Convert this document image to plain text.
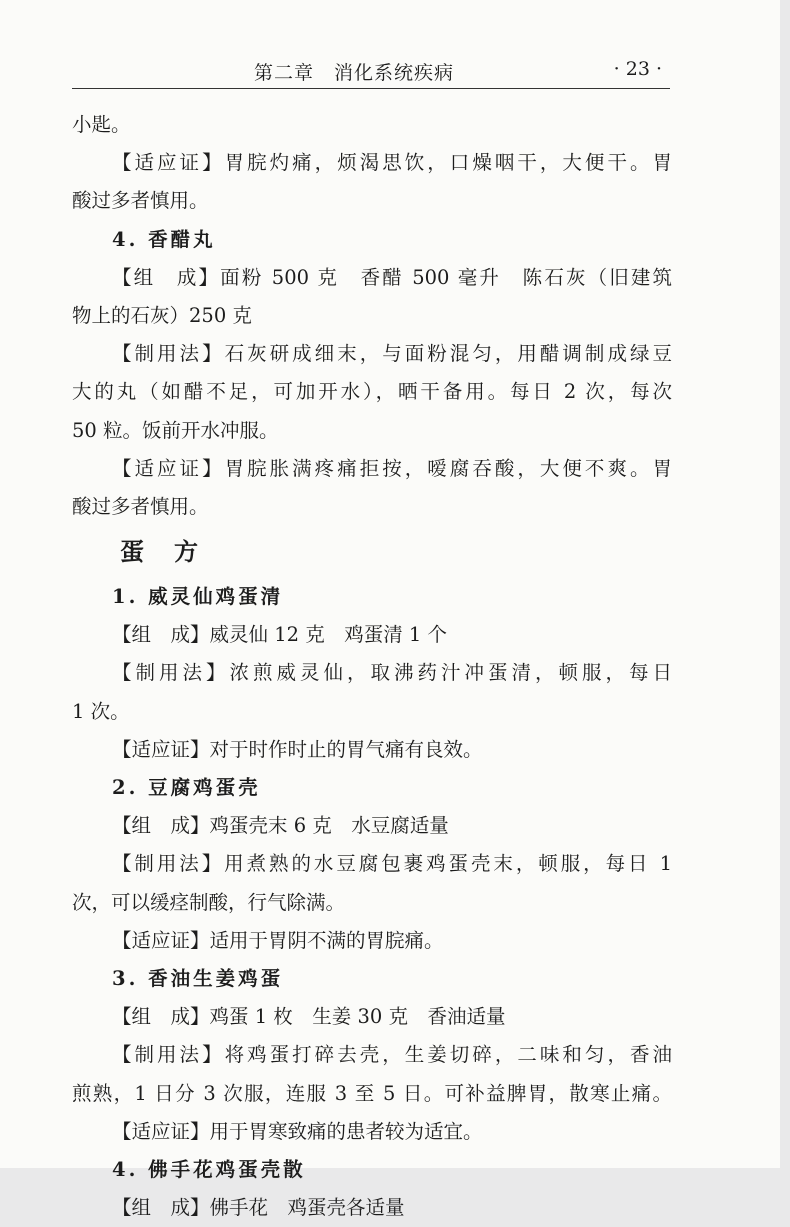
第二章　消化系统疾病	· 23 ·
小匙。
【适应证】胃脘灼痛，烦渴思饮，口燥咽干，大便干。胃
酸过多者慎用。
4. 香醋丸
【组　成】面粉 500 克　香醋 500 毫升　陈石灰（旧建筑
物上的石灰）250 克
【制用法】石灰研成细末，与面粉混匀，用醋调制成绿豆
大的丸（如醋不足，可加开水），晒干备用。每日 2 次，每次
50 粒。饭前开水冲服。
【适应证】胃脘胀满疼痛拒按，嗳腐吞酸，大便不爽。胃
酸过多者慎用。
蛋方
1. 威灵仙鸡蛋清
【组　成】威灵仙 12 克　鸡蛋清 1 个
【制用法】浓煎威灵仙，取沸药汁冲蛋清，顿服，每日
1 次。
【适应证】对于时作时止的胃气痛有良效。
2. 豆腐鸡蛋壳
【组　成】鸡蛋壳末 6 克　水豆腐适量
【制用法】用煮熟的水豆腐包裹鸡蛋壳末，顿服，每日 1
次，可以缓痉制酸，行气除满。
【适应证】适用于胃阴不满的胃脘痛。
3. 香油生姜鸡蛋
【组　成】鸡蛋 1 枚　生姜 30 克　香油适量
【制用法】将鸡蛋打碎去壳，生姜切碎，二味和匀，香油
煎熟，1 日分 3 次服，连服 3 至 5 日。可补益脾胃，散寒止痛。
【适应证】用于胃寒致痛的患者较为适宜。
4. 佛手花鸡蛋壳散
【组　成】佛手花　鸡蛋壳各适量
